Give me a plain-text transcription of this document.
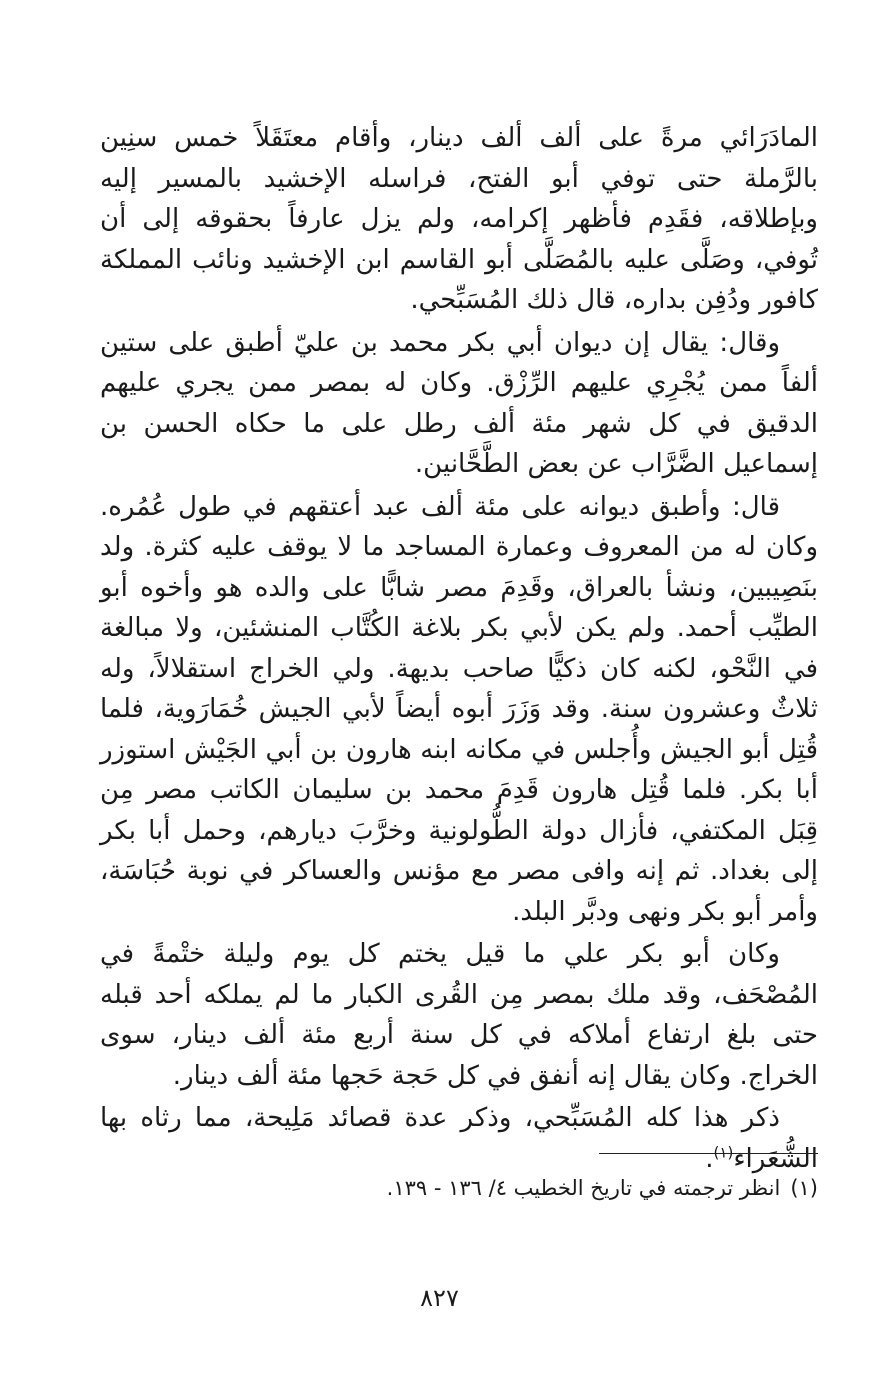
المادَرَائي مرةً على ألف ألف دينار، وأقام معتَقَلاً خمس سنِين بالرَّملة حتى توفي أبو الفتح، فراسله الإخشيد بالمسير إليه وبإطلاقه، فقَدِم فأظهر إكرامه، ولم يزل عارفاً بحقوقه إلى أن تُوفي، وصَلَّى عليه بالمُصَلَّى أبو القاسم ابن الإخشيد ونائب المملكة كافور ودُفِن بداره، قال ذلك المُسَبِّحي.

وقال: يقال إن ديوان أبي بكر محمد بن عليّ أطبق على ستين ألفاً ممن يُجْرِي عليهم الرِّزْق. وكان له بمصر ممن يجري عليهم الدقيق في كل شهر مئة ألف رطل على ما حكاه الحسن بن إسماعيل الضَّرَّاب عن بعض الطَّحَّانين.

قال: وأطبق ديوانه على مئة ألف عبد أعتقهم في طول عُمُره. وكان له من المعروف وعمارة المساجد ما لا يوقف عليه كثرة. ولد بنَصِيبين، ونشأ بالعراق، وقَدِمَ مصر شابًّا على والده هو وأخوه أبو الطيِّب أحمد. ولم يكن لأبي بكر بلاغة الكُتَّاب المنشئين، ولا مبالغة في النَّحْو، لكنه كان ذكيًّا صاحب بديهة. ولي الخراج استقلالاً، وله ثلاثٌ وعشرون سنة. وقد وَزَرَ أبوه أيضاً لأبي الجيش خُمَارَوية، فلما قُتِل أبو الجيش وأُجلس في مكانه ابنه هارون بن أبي الجَيْش استوزر أبا بكر. فلما قُتِل هارون قَدِمَ محمد بن سليمان الكاتب مصر مِن قِبَل المكتفي، فأزال دولة الطُّولونية وخرَّبَ ديارهم، وحمل أبا بكر إلى بغداد. ثم إنه وافى مصر مع مؤنس والعساكر في نوبة حُبَاسَة، وأمر أبو بكر ونهى ودبَّر البلد.

وكان أبو بكر علي ما قيل يختم كل يوم وليلة ختْمةً في المُصْحَف، وقد ملك بمصر مِن القُرى الكبار ما لم يملكه أحد قبله حتى بلغ ارتفاع أملاكه في كل سنة أربع مئة ألف دينار، سوى الخراج. وكان يقال إنه أنفق في كل حَجة حَجها مئة ألف دينار.

ذكر هذا كله المُسَبِّحي، وذكر عدة قصائد مَلِيحة، مما رثاه بها الشُّعَراء$^{(١)}$.

(١)انظر ترجمته في تاريخ الخطيب ٤/ ١٣٦ - ١٣٩.
٨٢٧
